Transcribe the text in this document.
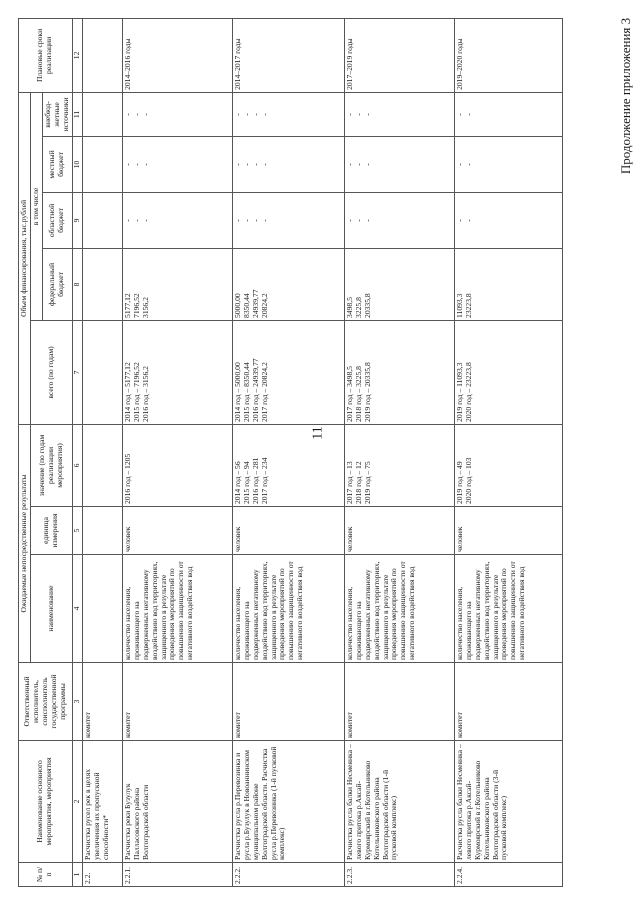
11
Продолжение приложения 3
№ п/п	Наименование основного мероприятия, мероприятия	Ответственный исполнитель, соисполнитель государственной программы	Ожидаемые непосредственные результаты			Объем финансирования, тыс.рублей					Плановые сроки реализации
			наименование	единица измерения	значение (по годам реализации мероприятия)	всего (по годам)	в том числе				
							федеральный бюджет	областной бюджет	местный бюджет	внебюд-жетные источники	
1	2	3	4	5	6	7	8	9	10	11	12
2.2.	Расчистка русел рек в целях увеличения их пропускной способности*	комитет									
2.2.1.	Расчистка реки Бузулук Палласовского района Волгоградской области	комитет	количество населения, проживающего на подверженных негативному воздействию вод территориях, защищенного в результате проведения мероприятий по повышению защищенности от негативного воздействия вод	человек	2016 год – 1205	2014 год – 5177,12
2015 год – 7196,52
2016 год – 3156,2	5177,12
7196,52
3156,2	-
-
-	-
-
-	-
-
-	2014–2016 годы
2.2.2.	Расчистка русла р.Перевозинка и русла р.Бузулук в Новоаннинском муниципальном районе Волгоградской области. Расчистка русла р.Перевозинка (1-й пусковой комплекс)	комитет	количество населения, проживающего на подверженных негативному воздействию вод территориях, защищенного в результате проведения мероприятий по повышению защищенности от негативного воздействия вод	человек	2014 год – 56
2015 год – 94
2016 год – 281
2017 год – 234	2014 год – 5000,00
2015 год – 8350,44
2016 год – 24939,77
2017 год – 20824,2	5000,00
8350,44
24939,77
20824,2	-
-
-
-	-
-
-
-	-
-
-
-	2014–2017 годы
2.2.3.	Расчистка русла балки Несмеянка – левого притока р.Аксай-Курмоярский в г.Котельниково Котельниковского района Волгоградской области (1-й пусковой комплекс)	комитет	количество населения, проживающего на подверженных негативному воздействию вод территориях, защищенного в результате проведения мероприятий по повышению защищенности от негативного воздействия вод	человек	2017 год – 13
2018 год – 12
2019 год – 75	2017 год – 3498,5
2018 год – 3225,8
2019 год – 20335,8	3498,5
3225,8
20335,8	-
-
-	-
-
-	-
-
-	2017–2019 годы
2.2.4.	Расчистка русла балки Несмеянка – левого притока р.Аксай-Курмоярский в г.Котельниково Котельниковского района Волгоградской области (3-й пусковой комплекс)	комитет	количество населения, проживающего на подверженных негативному воздействию вод территориях, защищенного в результате проведения мероприятий по повышению защищенности от негативного воздействия вод	человек	2019 год – 49
2020 год – 103	2019 год – 11093,3
2020 год – 23223,8	11093,3
23223,8	-
-	-
-	-
-	2019–2020 годы
